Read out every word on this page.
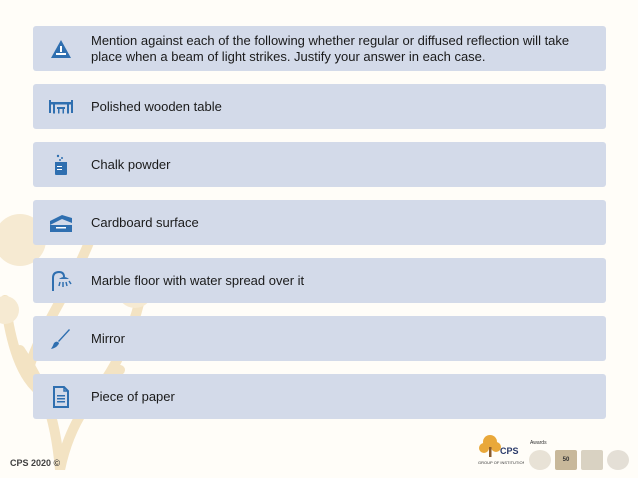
Mention against each of the following whether regular or diffused reflection will take place when a beam of light strikes. Justify your answer in each case.
Polished wooden table
Chalk powder
Cardboard surface
Marble floor with water spread over it
Mirror
Piece of paper
CPS 2020 ©
CPS
GROUP OF INSTITUTIONS
Awards
50
